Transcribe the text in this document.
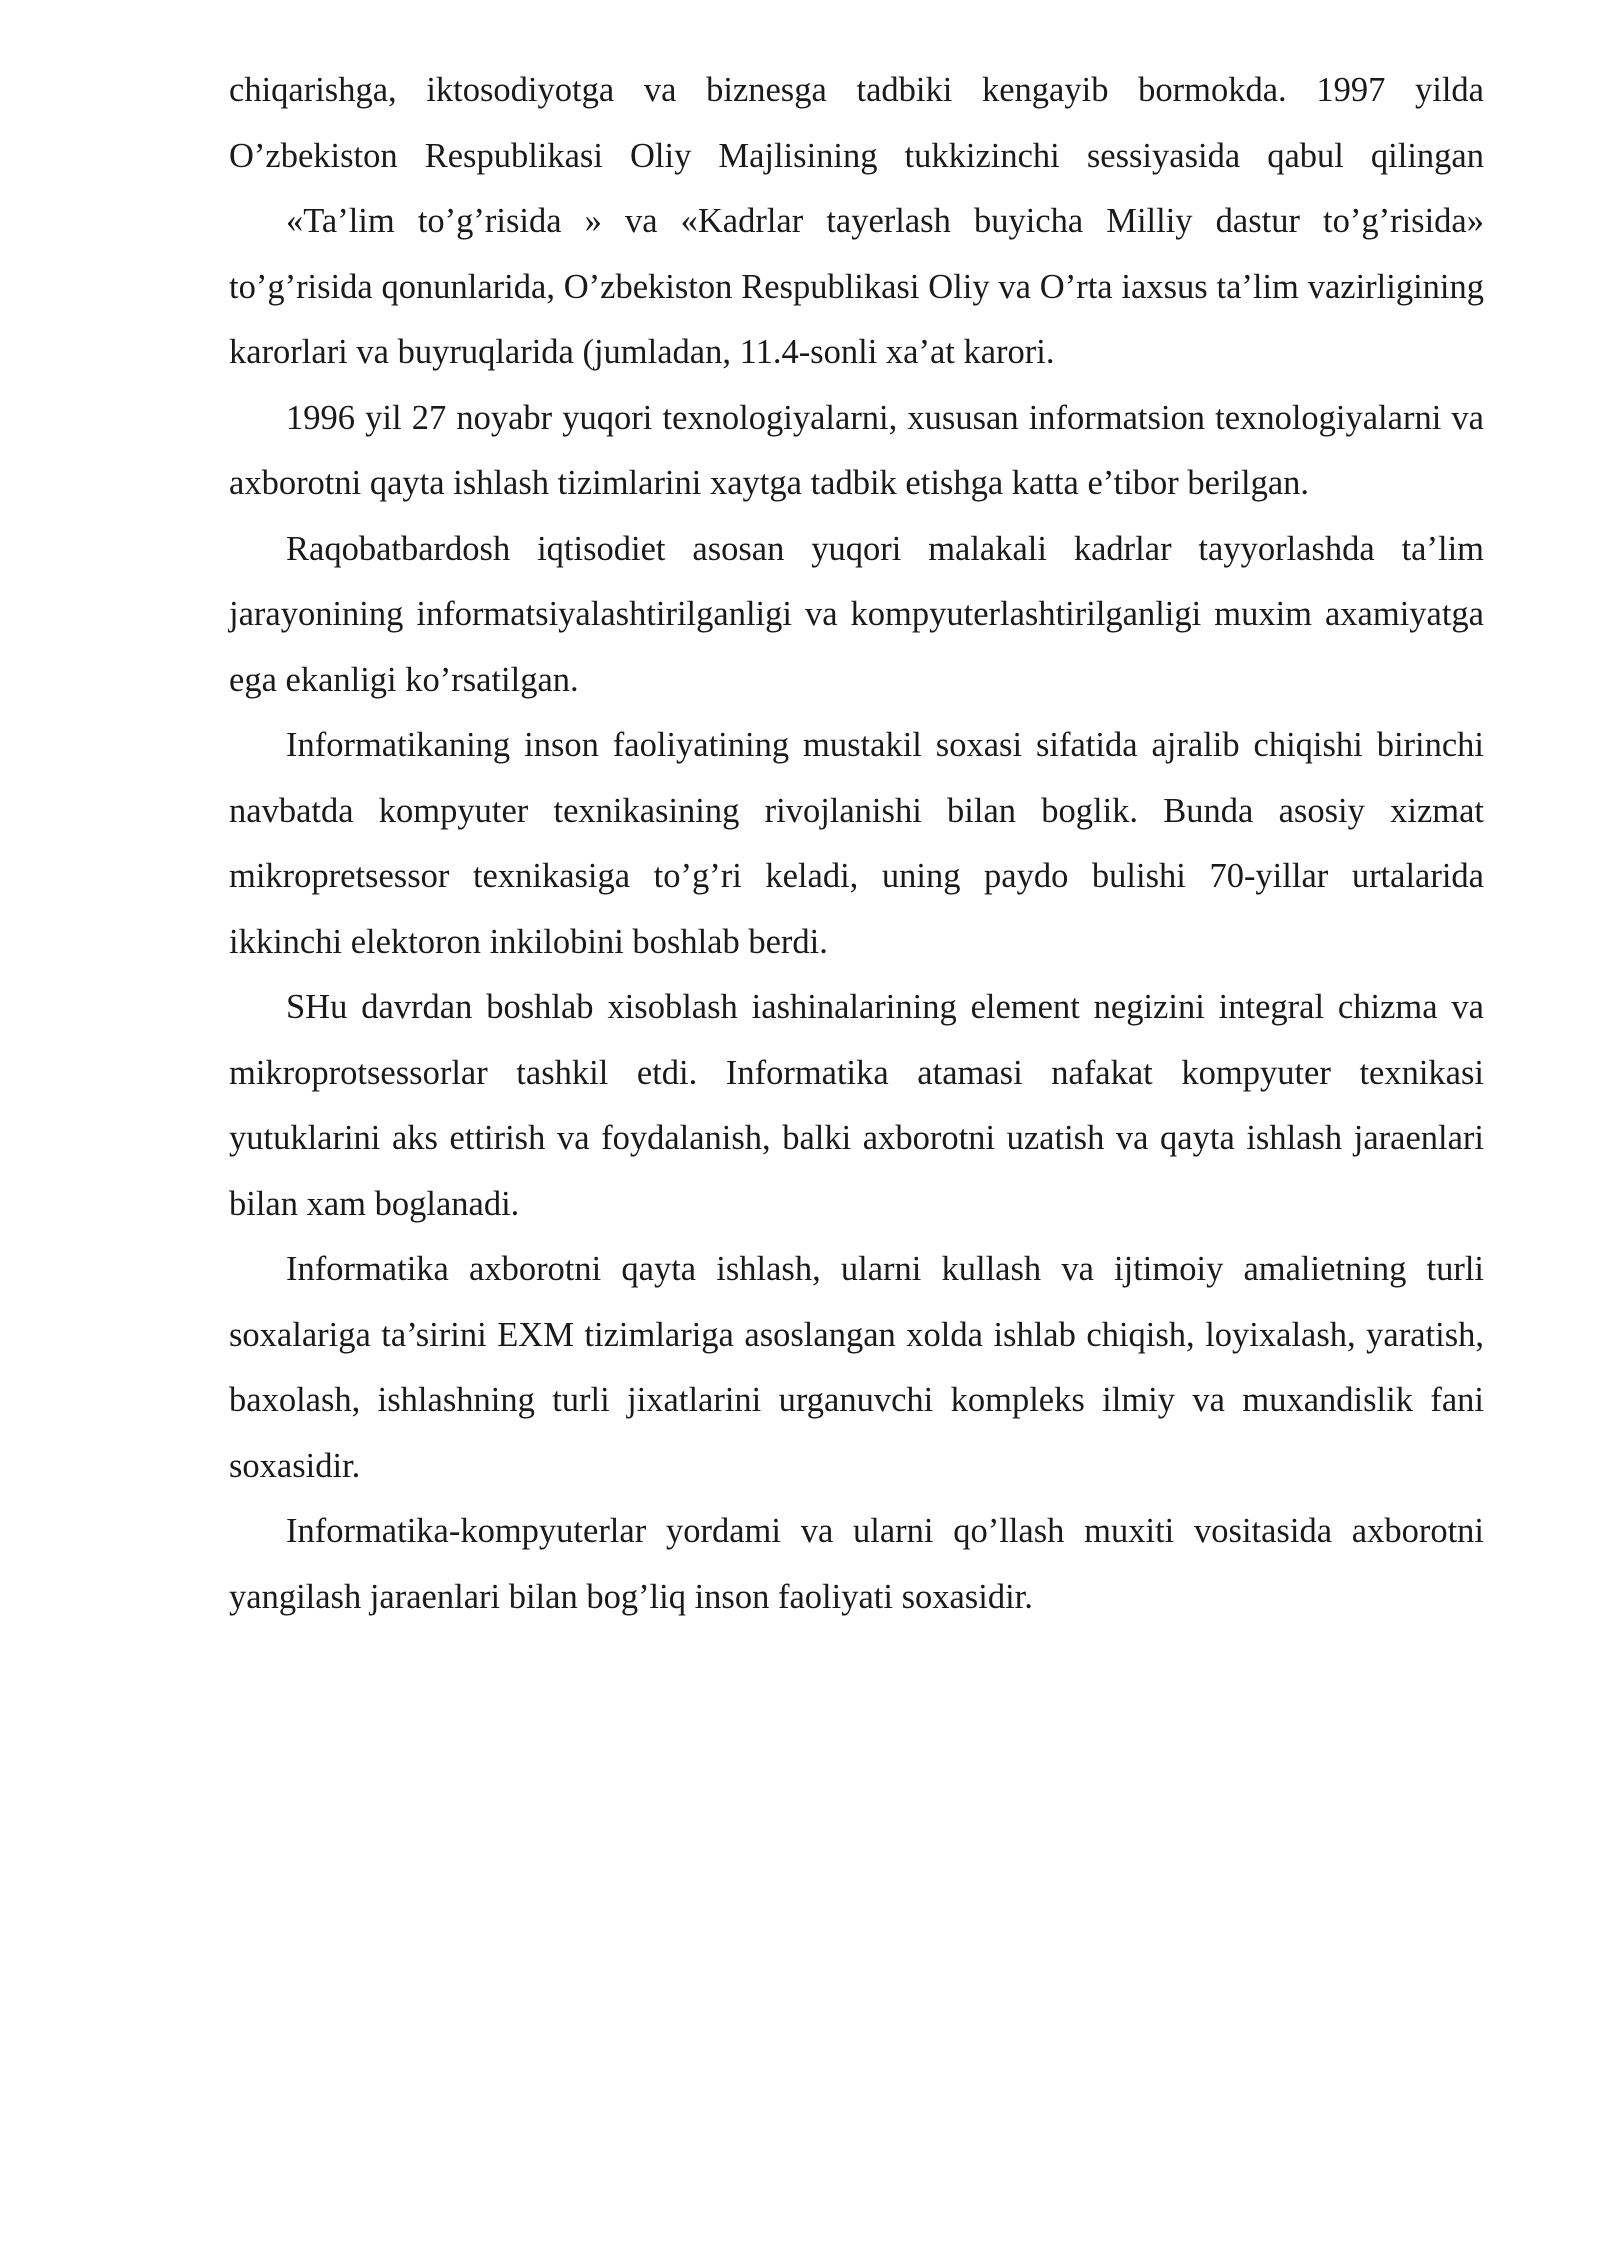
chiqarishga, iktosodiyotga va biznesga tadbiki kengayib bormokda. 1997 yilda O’zbekiston Respublikasi Oliy Majlisining tukkizinchi sessiyasida qabul qilingan

«Ta’lim to’g’risida » va «Kadrlar tayerlash buyicha Milliy dastur to’g’risida» to’g’risida qonunlarida, O’zbekiston Respublikasi Oliy va O’rta iaxsus ta’lim vazirligining karorlari va buyruqlarida (jumladan, 11.4-sonli xa’at karori.

1996 yil 27 noyabr yuqori texnologiyalarni, xususan informatsion texnologiyalarni va axborotni qayta ishlash tizimlarini xaytga tadbik etishga katta e’tibor berilgan.

Raqobatbardosh iqtisodiet asosan yuqori malakali kadrlar tayyorlashda ta’lim jarayonining informatsiyalashtirilganligi va kompyuterlashtirilganligi muxim axamiyatga ega ekanligi ko’rsatilgan.

Informatikaning inson faoliyatining mustakil soxasi sifatida ajralib chiqishi birinchi navbatda kompyuter texnikasining rivojlanishi bilan boglik. Bunda asosiy xizmat mikropretsessor texnikasiga to’g’ri keladi, uning paydo bulishi 70-yillar urtalarida ikkinchi elektoron inkilobini boshlab berdi.

SHu davrdan boshlab xisoblash iashinalarining element negizini integral chizma va mikroprotsessorlar tashkil etdi. Informatika atamasi nafakat kompyuter texnikasi yutuklarini aks ettirish va foydalanish, balki axborotni uzatish va qayta ishlash jaraenlari bilan xam boglanadi.

Informatika axborotni qayta ishlash, ularni kullash va ijtimoiy amalietning turli soxalariga ta’sirini EXM tizimlariga asoslangan xolda ishlab chiqish, loyixalash, yaratish, baxolash, ishlashning turli jixatlarini urganuvchi kompleks ilmiy va muxandislik fani soxasidir.

Informatika-kompyuterlar yordami va ularni qo’llash muxiti vositasida axborotni yangilash jaraenlari bilan bog’liq inson faoliyati soxasidir.
